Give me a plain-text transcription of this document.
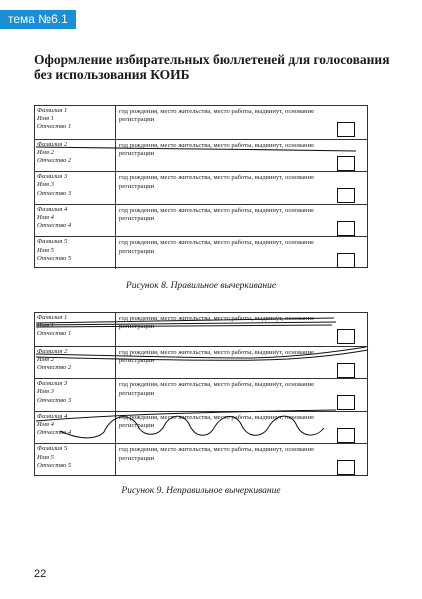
тема №6.1
Оформление избирательных бюллетеней для голосования без использования КОИБ
Фамилия 1
Имя 1
Отчество 1
год рождения, место жительства, место работы, выдвинут, основание регистрации
Фамилия 2
Имя 2
Отчество 2
год рождения, место жительства, место работы, выдвинут, основание регистрации
Фамилия 3
Имя 3
Отчество 3
год рождения, место жительства, место работы, выдвинут, основание регистрации
Фамилия 4
Имя 4
Отчество 4
год рождения, место жительства, место работы, выдвинут, основание регистрации
Фамилия 5
Имя 5
Отчество 5
год рождения, место жительства, место работы, выдвинут, основание регистрации
Рисунок 8. Правильное вычеркивание
Фамилия 1
Имя 1
Отчество 1
год рождения, место жительства, место работы, выдвинут, основание регистрации
Фамилия 2
Имя 2
Отчество 2
год рождения, место жительства, место работы, выдвинут, основание регистрации
Фамилия 3
Имя 3
Отчество 3
год рождения, место жительства, место работы, выдвинут, основание регистрации
Фамилия 4
Имя 4
Отчество 4
год рождения, место жительства, место работы, выдвинут, основание регистрации
Фамилия 5
Имя 5
Отчество 5
год рождения, место жительства, место работы, выдвинут, основание регистрации
Рисунок 9. Неправильное вычеркивание
22
